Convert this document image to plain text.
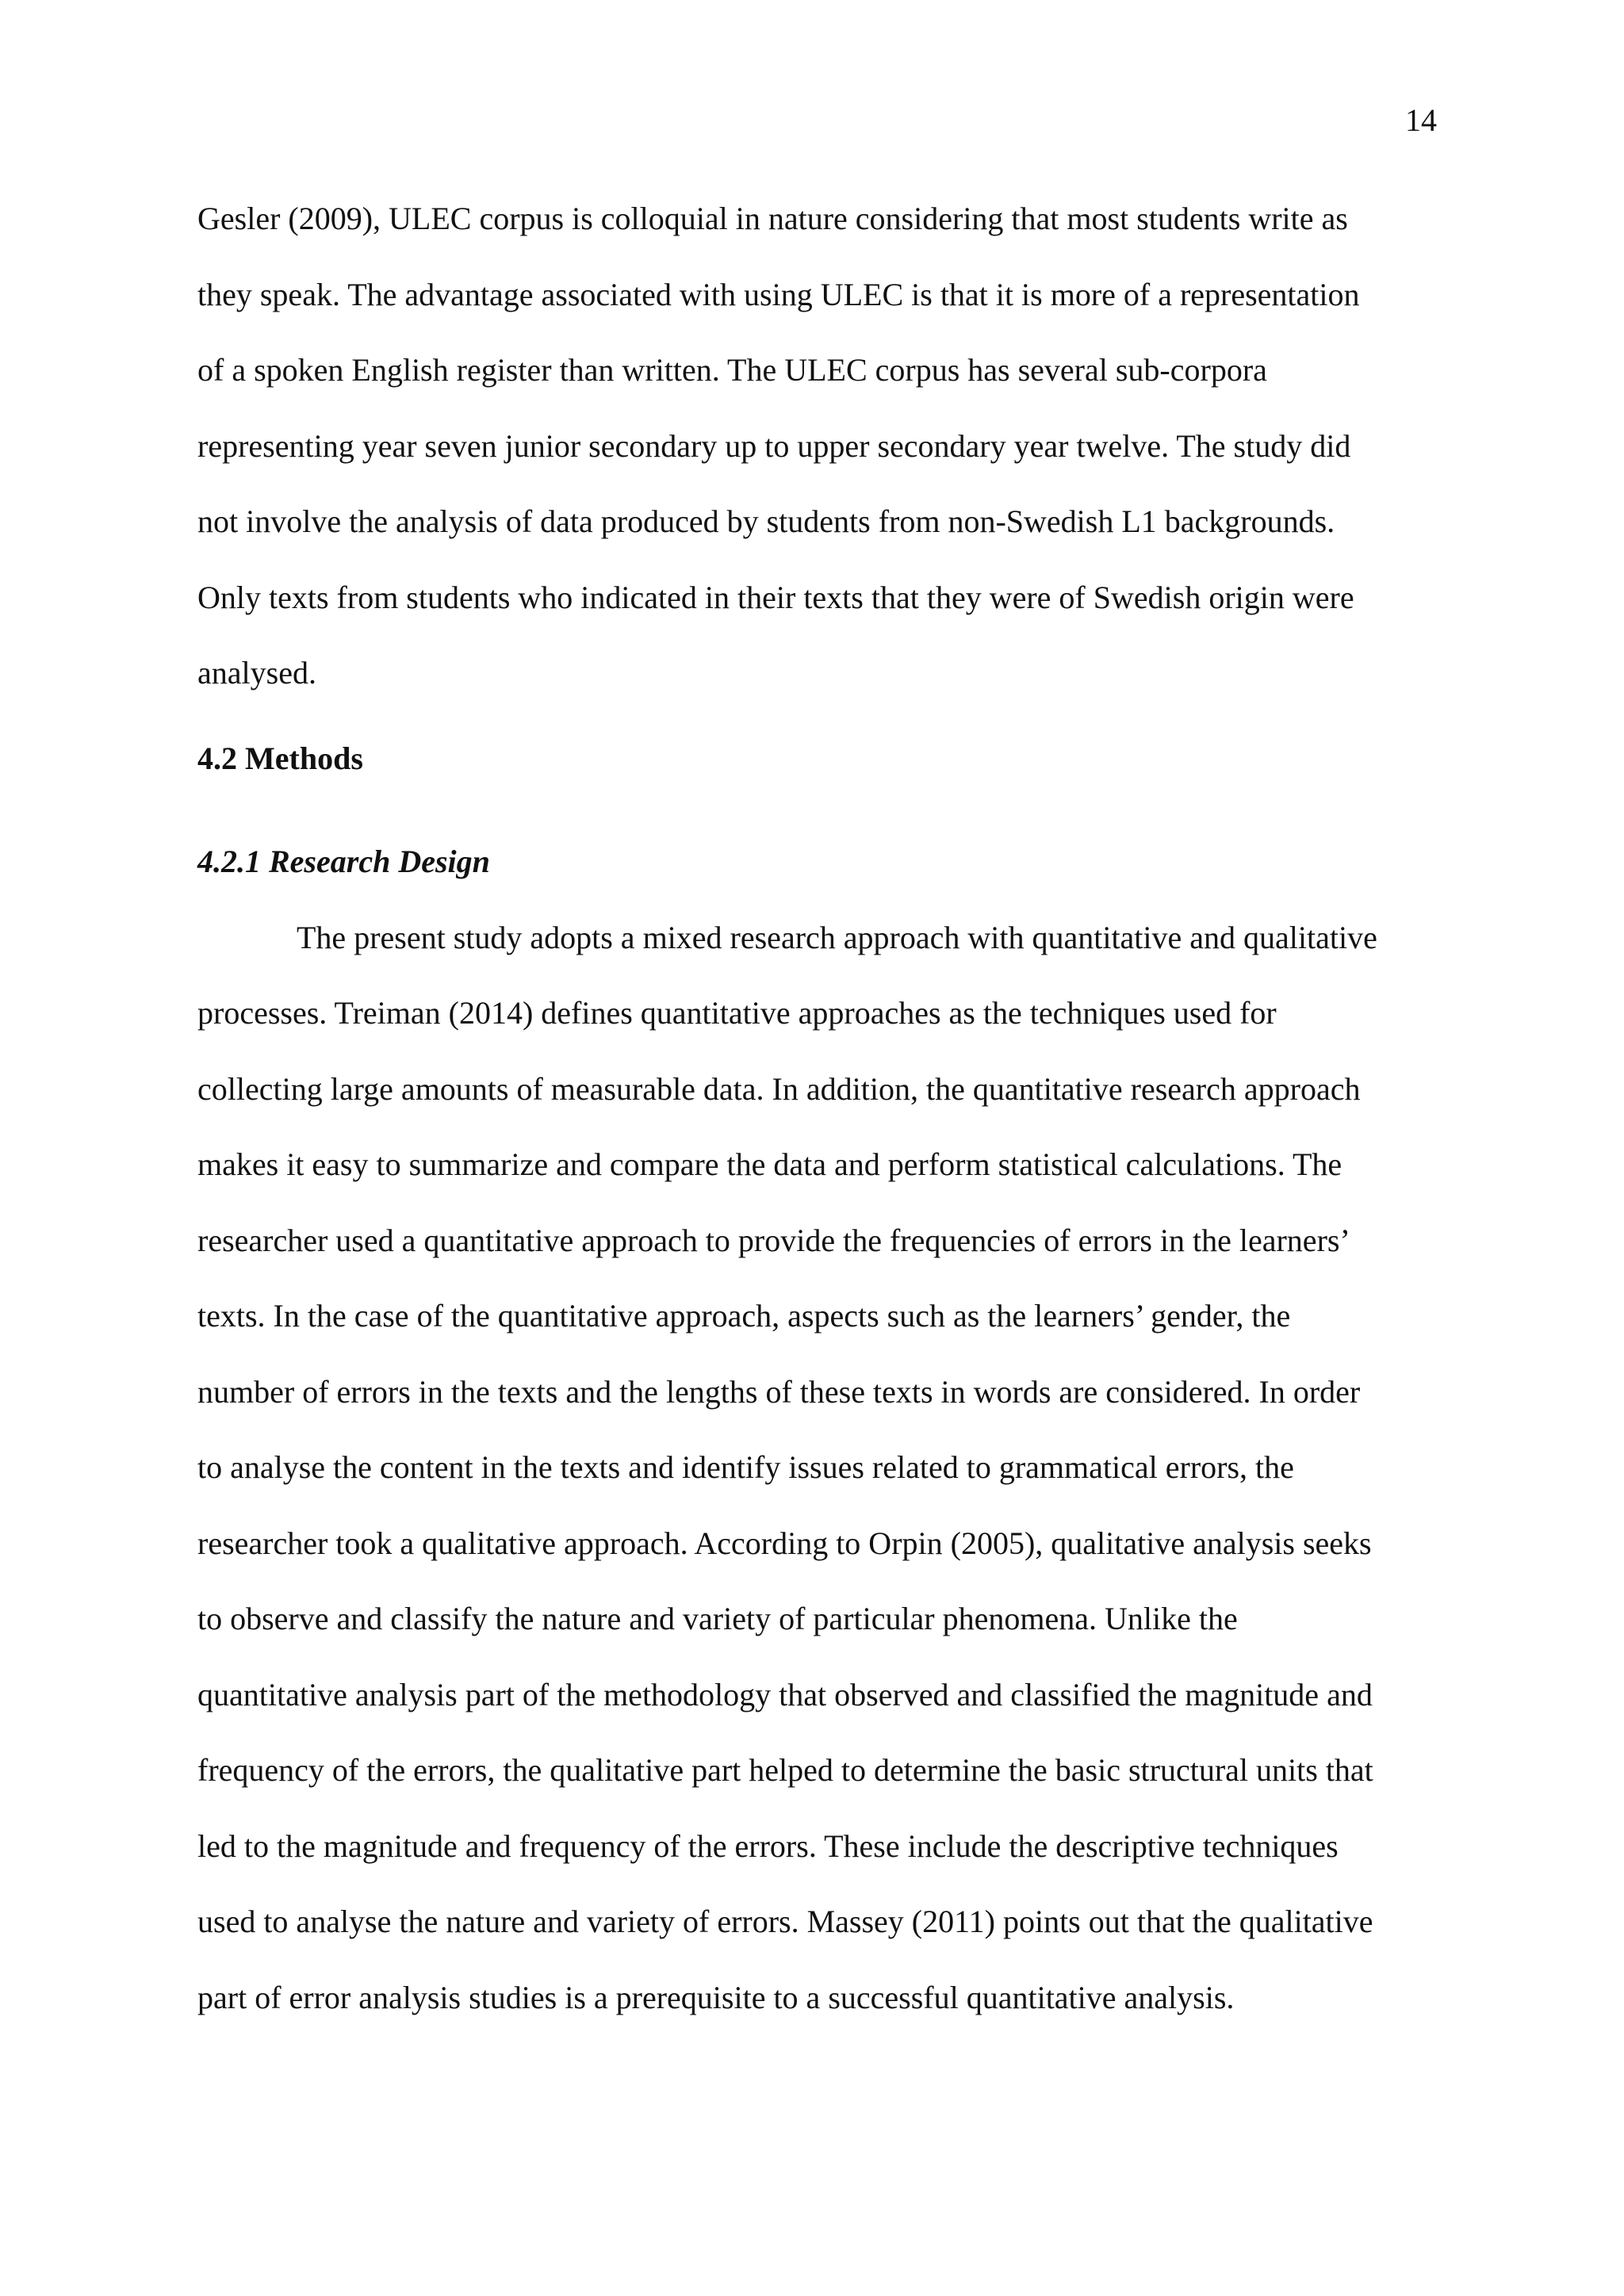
14

Gesler (2009), ULEC corpus is colloquial in nature considering that most students write as
they speak. The advantage associated with using ULEC is that it is more of a representation
of a spoken English register than written. The ULEC corpus has several sub-corpora
representing year seven junior secondary up to upper secondary year twelve. The study did
not involve the analysis of data produced by students from non-Swedish L1 backgrounds.
Only texts from students who indicated in their texts that they were of Swedish origin were
analysed.

4.2 Methods
4.2.1 Research Design

The present study adopts a mixed research approach with quantitative and qualitative
processes. Treiman (2014) defines quantitative approaches as the techniques used for
collecting large amounts of measurable data. In addition, the quantitative research approach
makes it easy to summarize and compare the data and perform statistical calculations. The
researcher used a quantitative approach to provide the frequencies of errors in the learners’
texts. In the case of the quantitative approach, aspects such as the learners’ gender, the
number of errors in the texts and the lengths of these texts in words are considered. In order
to analyse the content in the texts and identify issues related to grammatical errors, the
researcher took a qualitative approach. According to Orpin (2005), qualitative analysis seeks
to observe and classify the nature and variety of particular phenomena. Unlike the
quantitative analysis part of the methodology that observed and classified the magnitude and
frequency of the errors, the qualitative part helped to determine the basic structural units that
led to the magnitude and frequency of the errors. These include the descriptive techniques
used to analyse the nature and variety of errors. Massey (2011) points out that the qualitative
part of error analysis studies is a prerequisite to a successful quantitative analysis.
